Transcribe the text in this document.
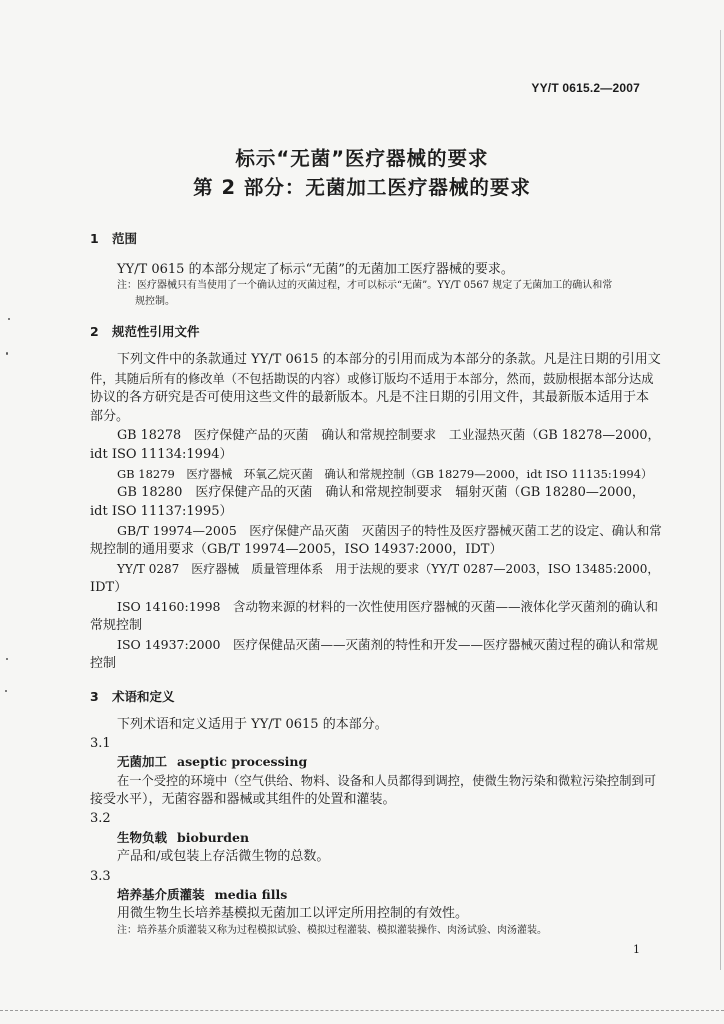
YY/T 0615.2—2007
标示“无菌”医疗器械的要求
第 2 部分：无菌加工医疗器械的要求
1 范围
YY/T 0615 的本部分规定了标示“无菌”的无菌加工医疗器械的要求。
注：医疗器械只有当使用了一个确认过的灭菌过程，才可以标示“无菌”。YY/T 0567 规定了无菌加工的确认和常
规控制。
2 规范性引用文件
下列文件中的条款通过 YY/T 0615 的本部分的引用而成为本部分的条款。凡是注日期的引用文
件，其随后所有的修改单（不包括勘误的内容）或修订版均不适用于本部分，然而，鼓励根据本部分达成
协议的各方研究是否可使用这些文件的最新版本。凡是不注日期的引用文件，其最新版本适用于本
部分。
GB 18278　医疗保健产品的灭菌　确认和常规控制要求　工业湿热灭菌（GB 18278—2000，
idt ISO 11134:1994）
GB 18279　医疗器械　环氧乙烷灭菌　确认和常规控制（GB 18279—2000，idt ISO 11135:1994）
GB 18280　医疗保健产品的灭菌　确认和常规控制要求　辐射灭菌（GB 18280—2000，
idt ISO 11137:1995）
GB/T 19974—2005　医疗保健产品灭菌　灭菌因子的特性及医疗器械灭菌工艺的设定、确认和常
规控制的通用要求（GB/T 19974—2005，ISO 14937:2000，IDT）
YY/T 0287　医疗器械　质量管理体系　用于法规的要求（YY/T 0287—2003，ISO 13485:2000，
IDT）
ISO 14160:1998　含动物来源的材料的一次性使用医疗器械的灭菌——液体化学灭菌剂的确认和
常规控制
ISO 14937:2000　医疗保健品灭菌——灭菌剂的特性和开发——医疗器械灭菌过程的确认和常规
控制
3 术语和定义
下列术语和定义适用于 YY/T 0615 的本部分。
3.1
无菌加工 aseptic processing
在一个受控的环境中（空气供给、物料、设备和人员都得到调控，使微生物污染和微粒污染控制到可
接受水平），无菌容器和器械或其组件的处置和灌装。
3.2
生物负载 bioburden
产品和/或包装上存活微生物的总数。
3.3
培养基介质灌装 media fills
用微生物生长培养基模拟无菌加工以评定所用控制的有效性。
注：培养基介质灌装又称为过程模拟试验、模拟过程灌装、模拟灌装操作、肉汤试验、肉汤灌装。
1
